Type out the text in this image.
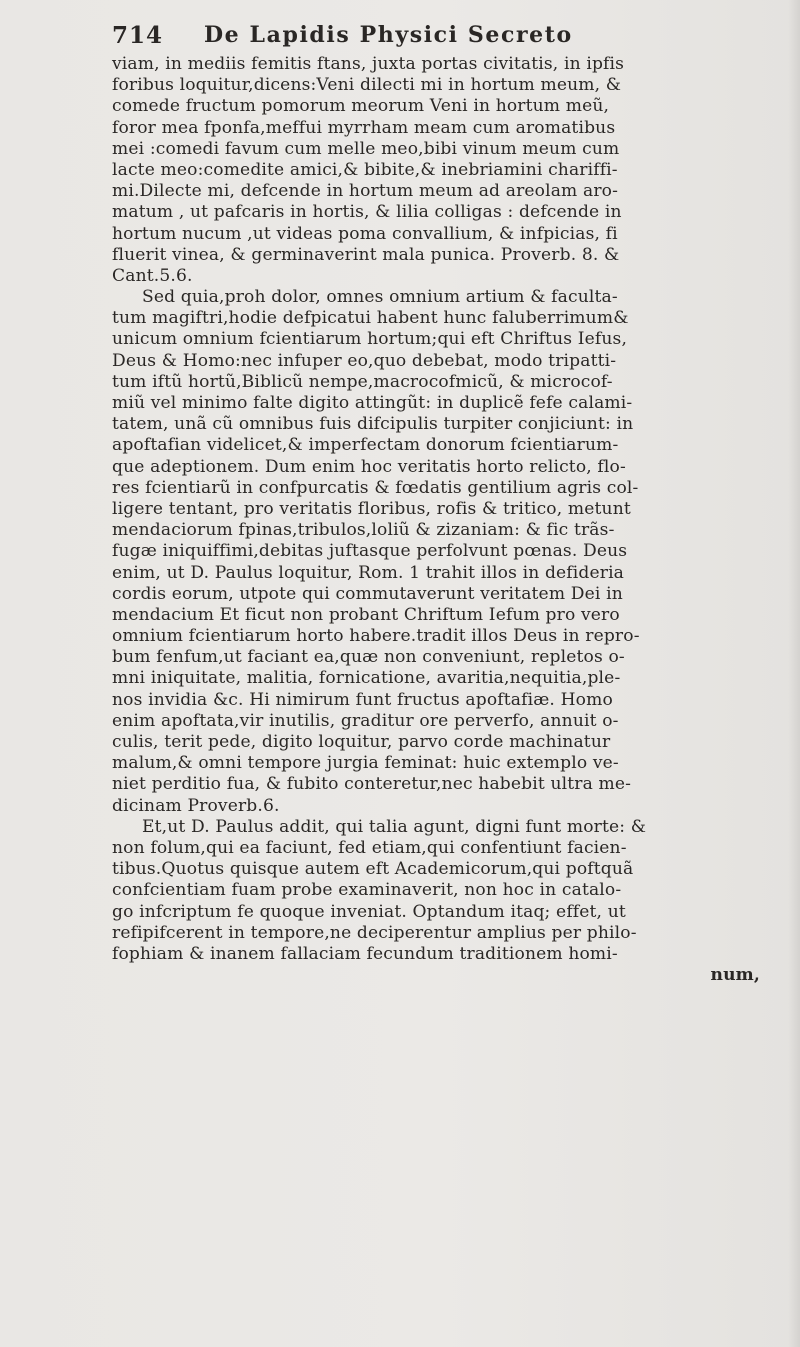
714 De Lapidis Physici Secreto
viam, in mediis femitis ftans, juxta portas civitatis, in ipfis
foribus loquitur,dicens:Veni dilecti mi in hortum meum, &
comede fructum pomorum meorum Veni in hortum meũ,
foror mea fponfa,meffui myrrham meam cum aromatibus
mei :comedi favum cum melle meo,bibi vinum meum cum
lacte meo:comedite amici,& bibite,& inebriamini chariffi-
mi.Dilecte mi, defcende in hortum meum ad areolam aro-
matum , ut pafcaris in hortis, & lilia colligas : defcende in
hortum nucum ,ut videas poma convallium, & infpicias, fi
fluerit vinea, & germinaverint mala punica. Proverb. 8. &
Cant.5.6.
Sed quia,proh dolor, omnes omnium artium & faculta-
tum magiftri,hodie defpicatui habent hunc faluberrimum&
unicum omnium fcientiarum hortum;qui eft Chriftus Iefus,
Deus & Homo:nec infuper eo,quo debebat, modo tripatti-
tum iftũ hortũ,Biblicũ nempe,macrocofmicũ, & microcof-
miũ vel minimo falte digito attingũt: in duplicẽ fefe calami-
tatem, unã cũ omnibus fuis difcipulis turpiter conjiciunt: in
apoftafian videlicet,& imperfectam donorum fcientiarum-
que adeptionem. Dum enim hoc veritatis horto relicto, flo-
res fcientiarũ in confpurcatis & fœdatis gentilium agris col-
ligere tentant, pro veritatis floribus, rofis & tritico, metunt
mendaciorum fpinas,tribulos,loliũ & zizaniam: & fic trãs-
fugæ iniquiffimi,debitas juftasque perfolvunt pœnas. Deus
enim, ut D. Paulus loquitur, Rom. 1 trahit illos in defideria
cordis eorum, utpote qui commutaverunt veritatem Dei in
mendacium Et ficut non probant Chriftum Iefum pro vero
omnium fcientiarum horto habere.tradit illos Deus in repro-
bum fenfum,ut faciant ea,quæ non conveniunt, repletos o-
mni iniquitate, malitia, fornicatione, avaritia,nequitia,ple-
nos invidia &c. Hi nimirum funt fructus apoftafiæ. Homo
enim apoftata,vir inutilis, graditur ore perverfo, annuit o-
culis, terit pede, digito loquitur, parvo corde machinatur
malum,& omni tempore jurgia feminat: huic extemplo ve-
niet perditio fua, & fubito conteretur,nec habebit ultra me-
dicinam Proverb.6.
Et,ut D. Paulus addit, qui talia agunt, digni funt morte: &
non folum,qui ea faciunt, fed etiam,qui confentiunt facien-
tibus.Quotus quisque autem eft Academicorum,qui poftquã
confcientiam fuam probe examinaverit, non hoc in catalo-
go infcriptum fe quoque inveniat. Optandum itaq; effet, ut
refipifcerent in tempore,ne deciperentur amplius per philo-
fophiam & inanem fallaciam fecundum traditionem homi-
num,
